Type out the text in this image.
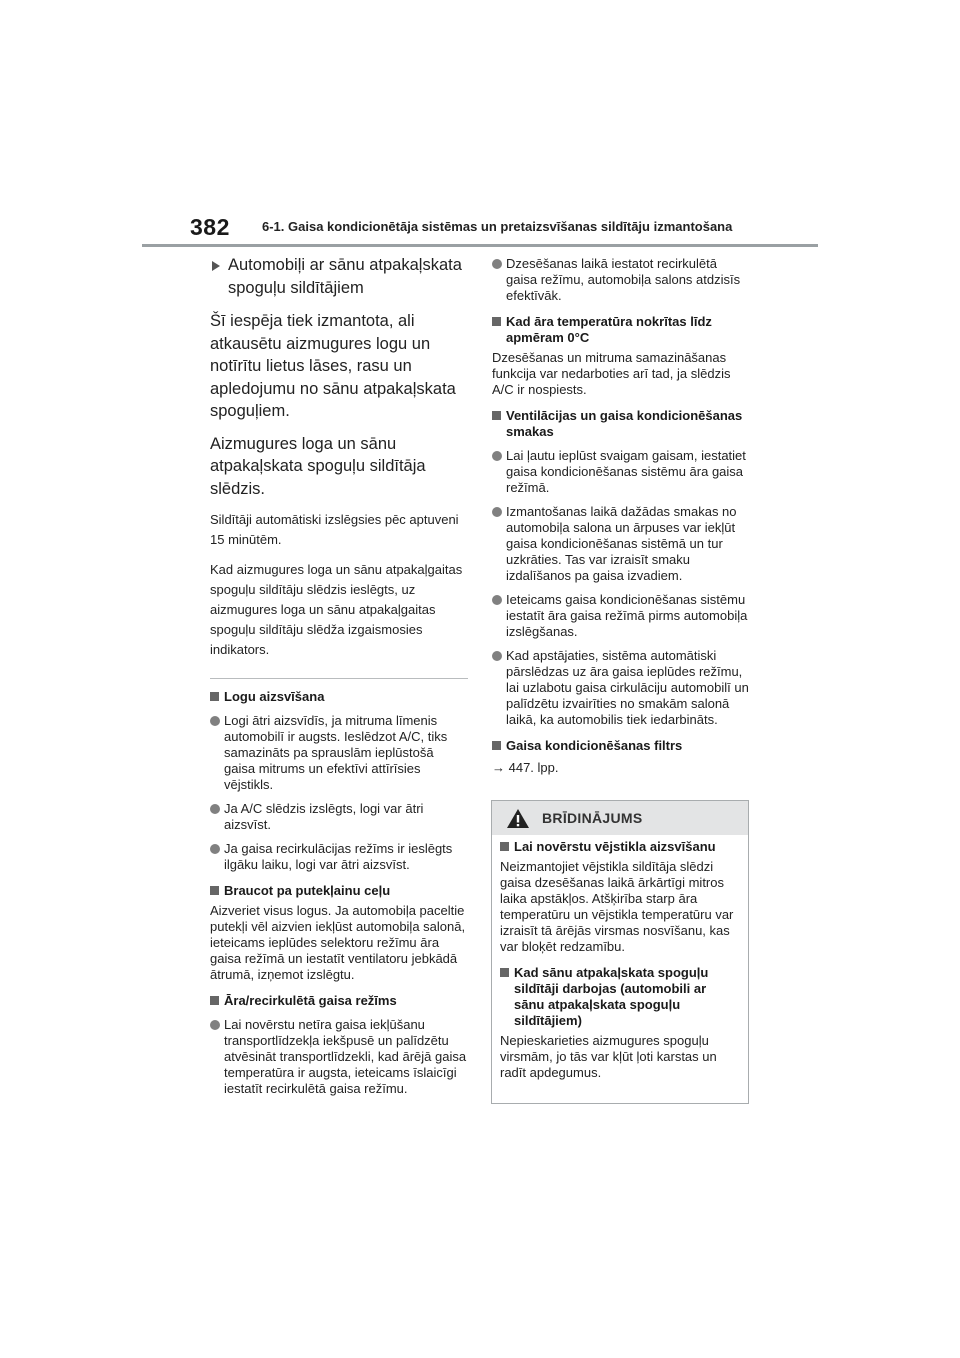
382 6-1. Gaisa kondicionētāja sistēmas un pretaizsvīšanas sildītāju izmantošana

Automobiļi ar sānu atpakaļskata spoguļu sildītājiem

Šī iespēja tiek izmantota, ali atkausētu aizmugures logu un notīrītu lietus lāses, rasu un apledojumu no sānu atpakaļskata spoguļiem.

Aizmugures loga un sānu atpakaļskata spoguļu sildītāja slēdzis.

Sildītāji automātiski izslēgsies pēc aptuveni 15 minūtēm.

Kad aizmugures loga un sānu atpakaļgaitas spoguļu sildītāju slēdzis ieslēgts, uz aizmugures loga un sānu atpakaļgaitas spoguļu sildītāju slēdža izgaismosies indikators.

Logu aizsvīšana

Logi ātri aizsvīdīs, ja mitruma līmenis automobilī ir augsts. Ieslēdzot A/C, tiks samazināts pa sprauslām ieplūstošā gaisa mitrums un efektīvi attīrīsies vējstikls.

Ja A/C slēdzis izslēgts, logi var ātri aizsvīst.

Ja gaisa recirkulācijas režīms ir ieslēgts ilgāku laiku, logi var ātri aizsvīst.

Braucot pa putekļainu ceļu

Aizveriet visus logus. Ja automobiļa paceltie putekļi vēl aizvien iekļūst automobiļa salonā, ieteicams ieplūdes selektoru režīmu āra gaisa režīmā un iestatīt ventilatoru jebkādā ātrumā, izņemot izslēgtu.

Āra/recirkulētā gaisa režīms

Lai novērstu netīra gaisa iekļūšanu transportlīdzekļa iekšpusē un palīdzētu atvēsināt transportlīdzekli, kad ārējā gaisa temperatūra ir augsta, ieteicams īslaicīgi iestatīt recirkulētā gaisa režīmu.

Dzesēšanas laikā iestatot recirkulētā gaisa režīmu, automobiļa salons atdzisīs efektīvāk.

Kad āra temperatūra nokrītas līdz apmēram 0°C

Dzesēšanas un mitruma samazināšanas funkcija var nedarboties arī tad, ja slēdzis A/C ir nospiests.

Ventilācijas un gaisa kondicionēšanas smakas

Lai ļautu ieplūst svaigam gaisam, iestatiet gaisa kondicionēšanas sistēmu āra gaisa režīmā.

Izmantošanas laikā dažādas smakas no automobiļa salona un ārpuses var iekļūt gaisa kondicionēšanas sistēmā un tur uzkrāties. Tas var izraisīt smaku izdalīšanos pa gaisa izvadiem.

Ieteicams gaisa kondicionēšanas sistēmu iestatīt āra gaisa režīmā pirms automobiļa izslēgšanas.

Kad apstājaties, sistēma automātiski pārslēdzas uz āra gaisa ieplūdes režīmu, lai uzlabotu gaisa cirkulāciju automobilī un palīdzētu izvairīties no smakām salonā laikā, ka automobilis tiek iedarbināts.

Gaisa kondicionēšanas filtrs

→ 447. lpp.

BRĪDINĀJUMS

Lai novērstu vējstikla aizsvīšanu

Neizmantojiet vējstikla sildītāja slēdzi gaisa dzesēšanas laikā ārkārtīgi mitros laika apstākļos. Atšķirība starp āra temperatūru un vējstikla temperatūru var izraisīt tā ārējās virsmas nosvīšanu, kas var bloķēt redzamību.

Kad sānu atpakaļskata spoguļu sildītāji darbojas (automobili ar sānu atpakaļskata spoguļu sildītājiem)

Nepieskarieties aizmugures spoguļu virsmām, jo tās var kļūt ļoti karstas un radīt apdegumus.
